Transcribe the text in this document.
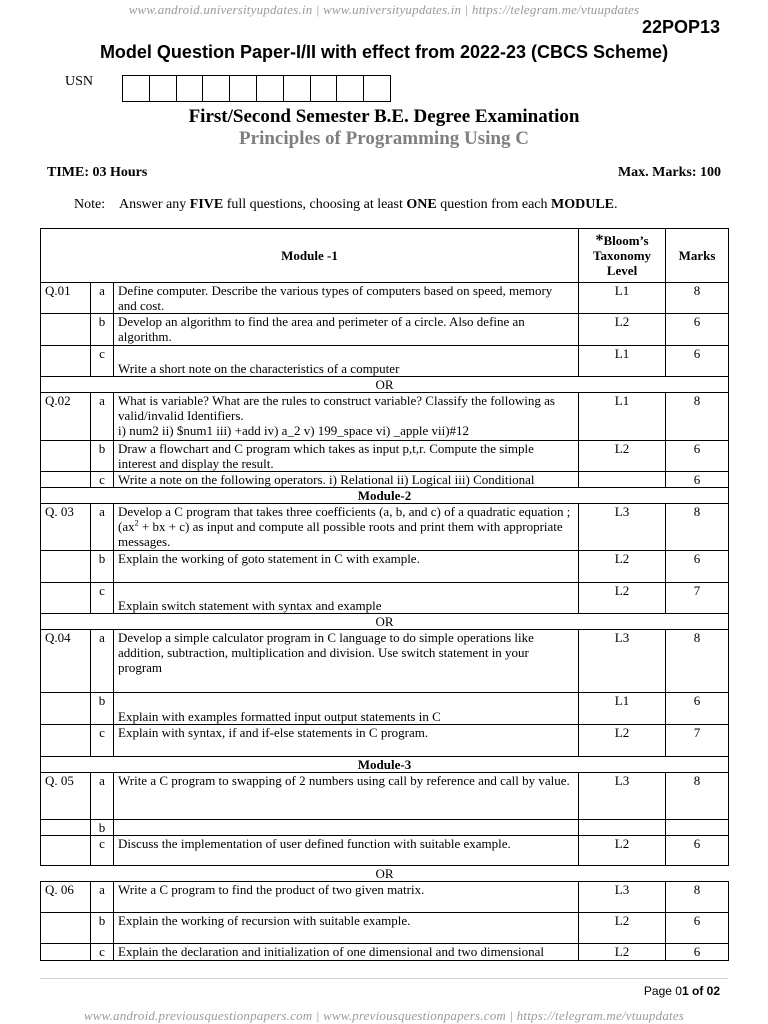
www.android.universityupdates.in | www.universityupdates.in | https://telegram.me/vtuupdates
22POP13
Model Question Paper-I/II with effect from 2022-23 (CBCS Scheme)
USN
First/Second Semester B.E. Degree Examination
Principles of Programming Using C
TIME: 03 Hours	Max. Marks: 100
Note: Answer any FIVE full questions, choosing at least ONE question from each MODULE.
Module -1			*Bloom’s Taxonomy Level	Marks
Q.01	a	Define computer. Describe the various types of computers based on speed, memory and cost.	L1	8
	b	Develop an algorithm to find the area and perimeter of a circle. Also define an algorithm.	L2	6
	c	Write a short note on the characteristics of a computer	L1	6
OR				
Q.02	a	What is variable? What are the rules to construct variable? Classify the following as valid/invalid Identifiers.
i) num2 ii) $num1 iii) +add iv) a_2 v) 199_space vi) _apple vii)#12	L1	8
	b	Draw a flowchart and C program which takes as input p,t,r. Compute the simple interest and display the result.	L2	6
	c	Write a note on the following operators. i) Relational ii) Logical iii) Conditional		6
Module-2				
Q. 03	a	Develop a C program that takes three coefficients (a, b, and c) of a quadratic equation ; ($ax^2$ + bx + c) as input and compute all possible roots and print them with appropriate messages.	L3	8
	b	Explain the working of goto statement in C with example.	L2	6
	c	Explain switch statement with syntax and example	L2	7
OR				
Q.04	a	Develop a simple calculator program in C language to do simple operations like addition, subtraction, multiplication and division. Use switch statement in your program	L3	8
	b	Explain with examples formatted input output statements in C	L1	6
	c	Explain with syntax, if and if-else statements in C program.	L2	7
Module-3				
Q. 05	a	Write a C program to swapping of 2 numbers using call by reference and call by value.	L3	8
	b			
	c	Discuss the implementation of user defined function with suitable example.	L2	6
OR				
Q. 06	a	Write a C program to find the product of two given matrix.	L3	8
	b	Explain the working of recursion with suitable example.	L2	6
	c	Explain the declaration and initialization of one dimensional and two dimensional	L2	6
Page 01 of 02
www.android.previousquestionpapers.com | www.previousquestionpapers.com | https://telegram.me/vtuupdates
